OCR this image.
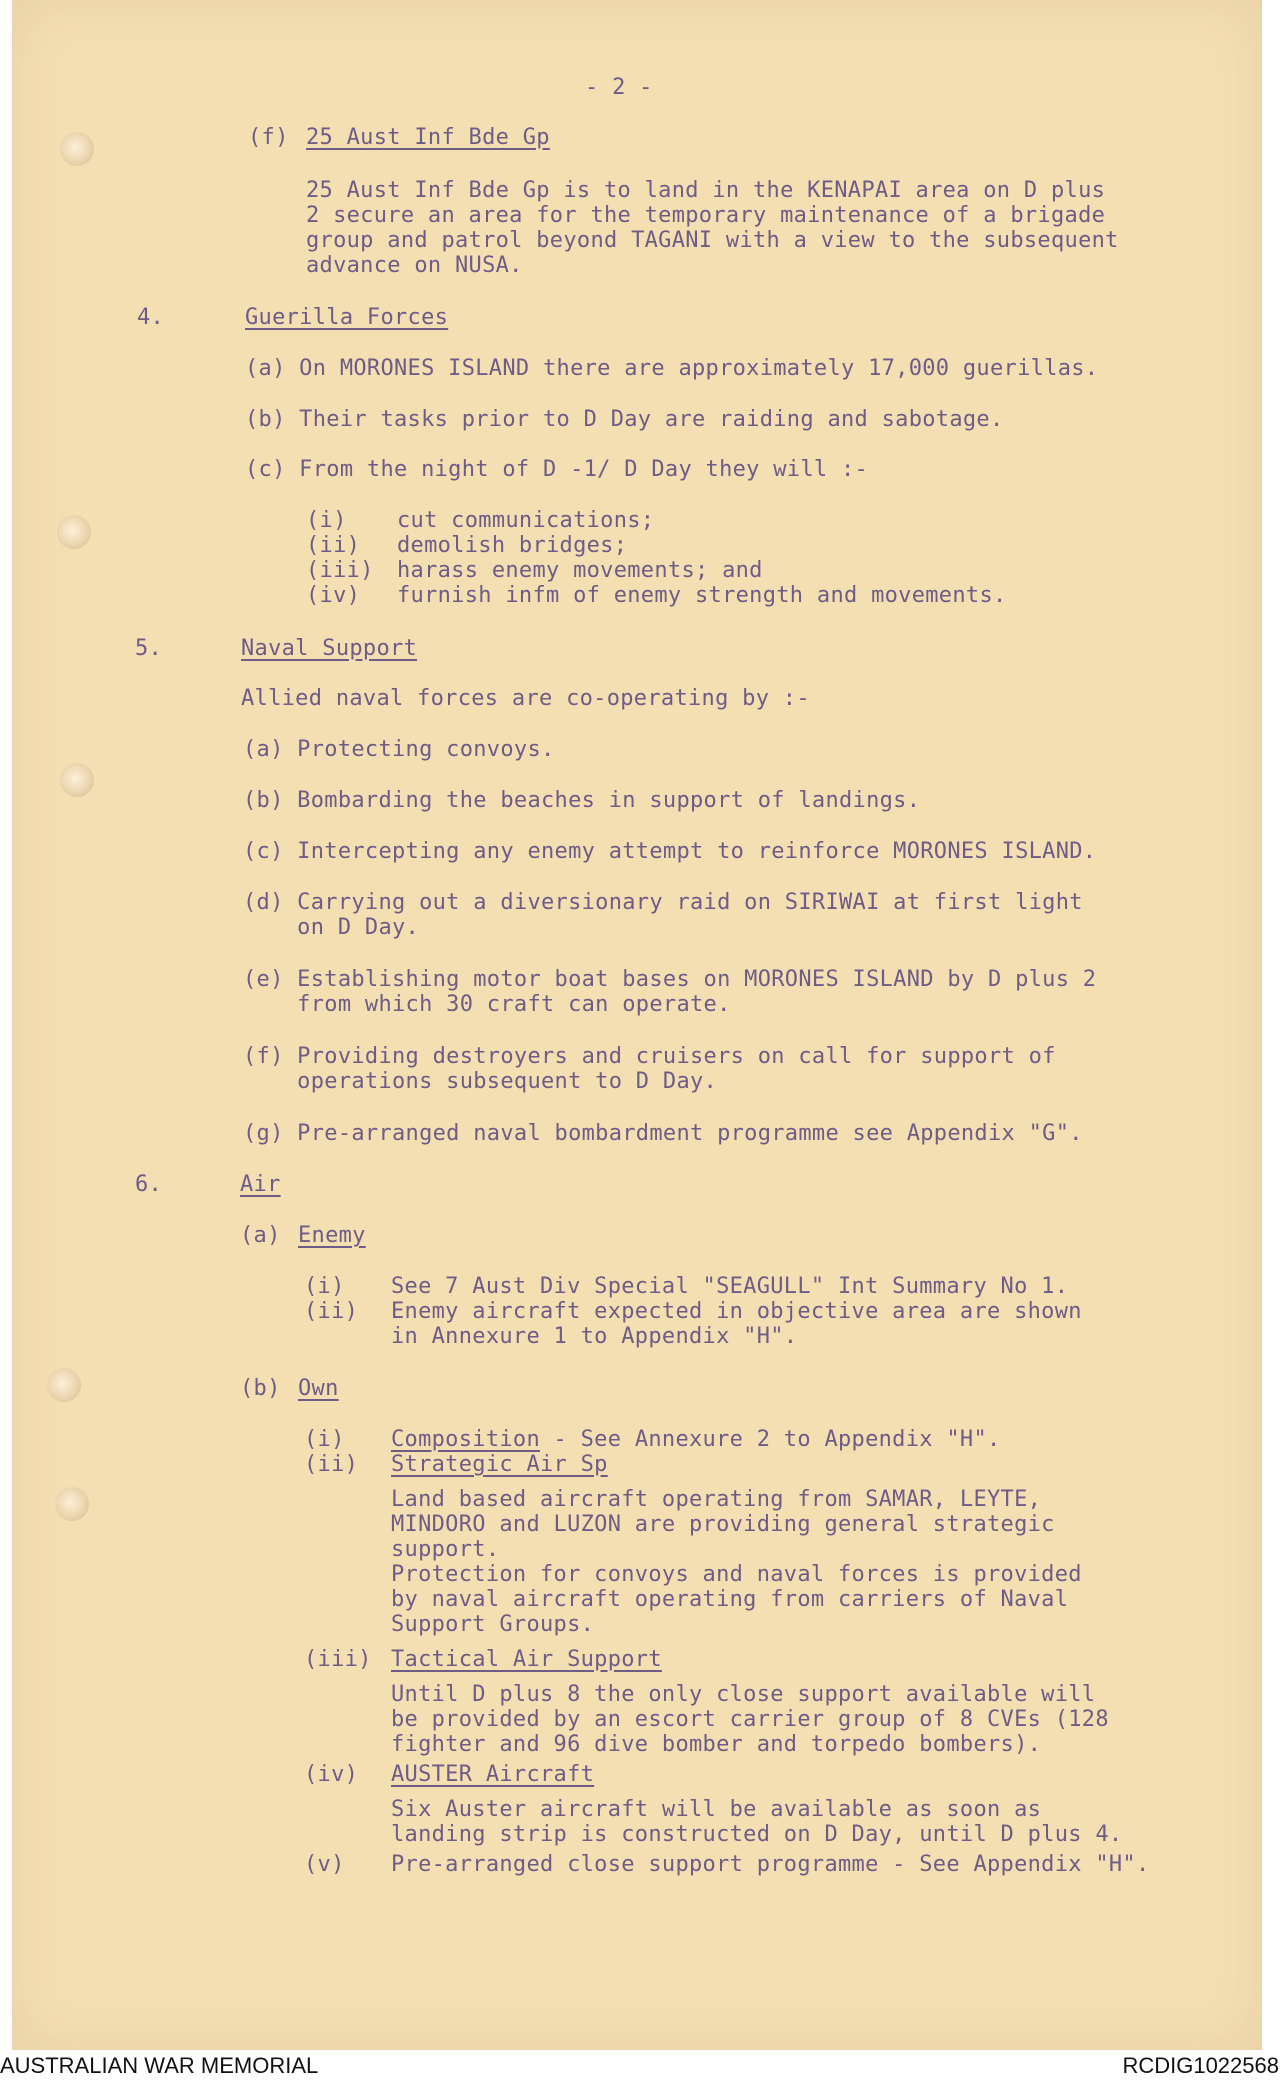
- 2 -
(f) 25 Aust Inf Bde Gp
25 Aust Inf Bde Gp is to land in the KENAPAI area on D plus
2 secure an area for the temporary maintenance of a brigade
group and patrol beyond TAGANI with a view to the subsequent
advance on NUSA.
4.	Guerilla Forces
(a) On MORONES ISLAND there are approximately 17,000 guerillas.
(b) Their tasks prior to D Day are raiding and sabotage.
(c) From the night of D -1/ D Day they will :-
(i) cut communications;
(ii) demolish bridges;
(iii) harass enemy movements; and
(iv) furnish infm of enemy strength and movements.
5.	Naval Support
Allied naval forces are co-operating by :-
(a) Protecting convoys.
(b) Bombarding the beaches in support of landings.
(c) Intercepting any enemy attempt to reinforce MORONES ISLAND.
(d) Carrying out a diversionary raid on SIRIWAI at first light
on D Day.
(e) Establishing motor boat bases on MORONES ISLAND by D plus 2
from which 30 craft can operate.
(f) Providing destroyers and cruisers on call for support of
operations subsequent to D Day.
(g) Pre-arranged naval bombardment programme see Appendix "G".
6.	Air
(a) Enemy
(i) See 7 Aust Div Special "SEAGULL" Int Summary No 1.
(ii) Enemy aircraft expected in objective area are shown
in Annexure 1 to Appendix "H".
(b) Own
(i) Composition - See Annexure 2 to Appendix "H".
(ii) Strategic Air Sp
Land based aircraft operating from SAMAR, LEYTE,
MINDORO and LUZON are providing general strategic
support.
Protection for convoys and naval forces is provided
by naval aircraft operating from carriers of Naval
Support Groups.
(iii) Tactical Air Support
Until D plus 8 the only close support available will
be provided by an escort carrier group of 8 CVEs (128
fighter and 96 dive bomber and torpedo bombers).
(iv) AUSTER Aircraft
Six Auster aircraft will be available as soon as
landing strip is constructed on D Day, until D plus 4.
(v) Pre-arranged close support programme - See Appendix "H".
AUSTRALIAN WAR MEMORIAL	RCDIG1022568
